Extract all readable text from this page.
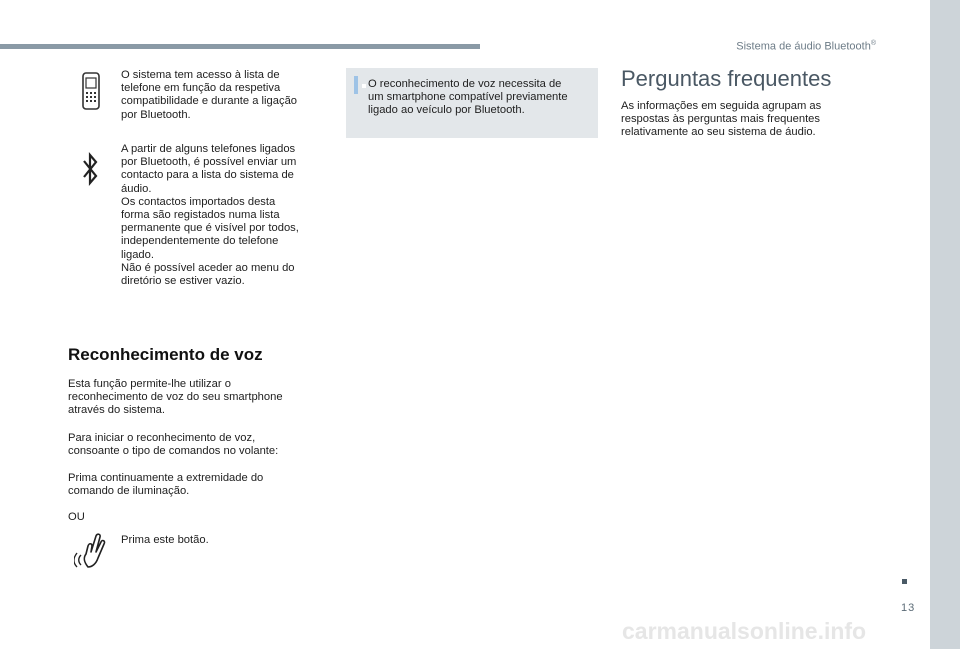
Sistema de áudio Bluetooth®
13
O sistema tem acesso à lista de
telefone em função da respetiva
compatibilidade e durante a ligação
por Bluetooth.
A partir de alguns telefones ligados
por Bluetooth, é possível enviar um
contacto para a lista do sistema de
áudio.
Os contactos importados desta
forma são registados numa lista
permanente que é visível por todos,
independentemente do telefone
ligado.
Não é possível aceder ao menu do
diretório se estiver vazio.
Reconhecimento de voz
Esta função permite-lhe utilizar o
reconhecimento de voz do seu smartphone
através do sistema.
Para iniciar o reconhecimento de voz,
consoante o tipo de comandos no volante:
Prima continuamente a extremidade do
comando de iluminação.
OU
Prima este botão.
O reconhecimento de voz necessita de
um smartphone compatível previamente
ligado ao veículo por Bluetooth.
Perguntas frequentes
As informações em seguida agrupam as
respostas às perguntas mais frequentes
relativamente ao seu sistema de áudio.
carmanualsonline.info
